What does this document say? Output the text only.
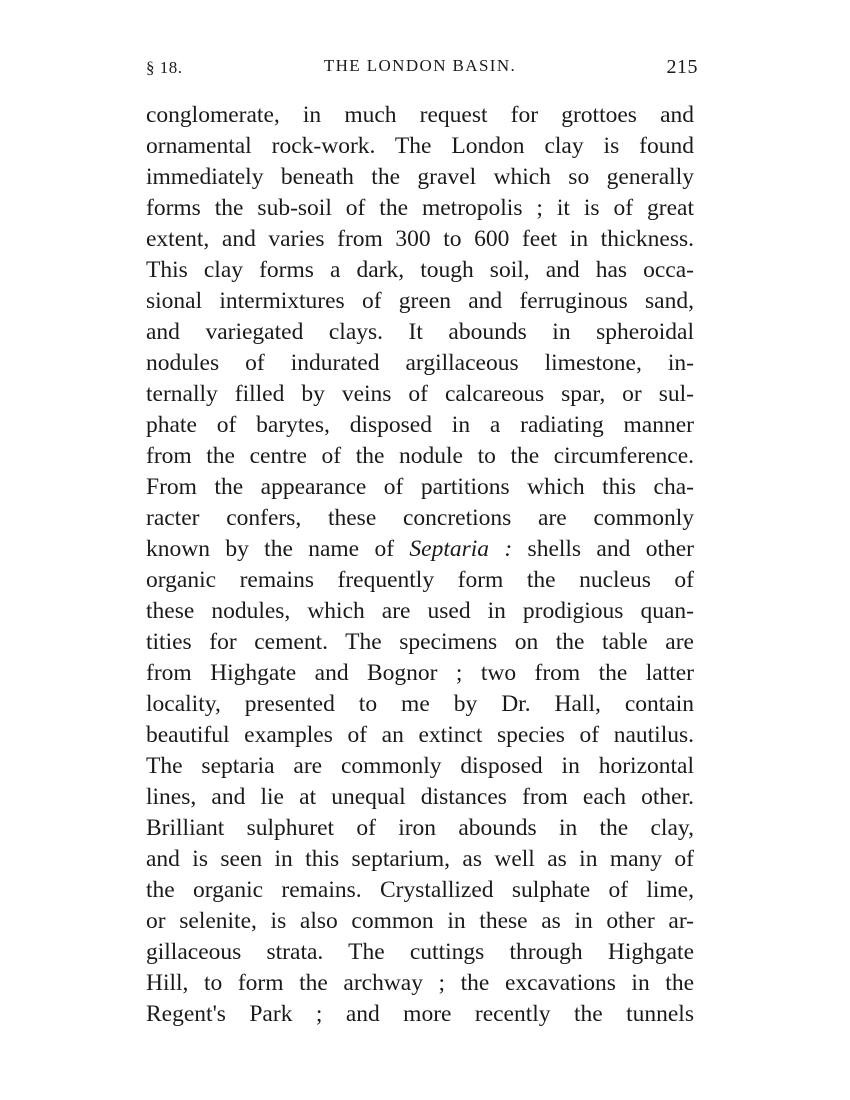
§ 18.	THE LONDON BASIN.	215
conglomerate, in much request for grottoes and
ornamental rock-work. The London clay is found
immediately beneath the gravel which so generally
forms the sub-soil of the metropolis ; it is of great
extent, and varies from 300 to 600 feet in thickness.
This clay forms a dark, tough soil, and has occa-
sional intermixtures of green and ferruginous sand,
and variegated clays. It abounds in spheroidal
nodules of indurated argillaceous limestone, in-
ternally filled by veins of calcareous spar, or sul-
phate of barytes, disposed in a radiating manner
from the centre of the nodule to the circumference.
From the appearance of partitions which this cha-
racter confers, these concretions are commonly
known by the name of Septaria : shells and other
organic remains frequently form the nucleus of
these nodules, which are used in prodigious quan-
tities for cement. The specimens on the table are
from Highgate and Bognor ; two from the latter
locality, presented to me by Dr. Hall, contain
beautiful examples of an extinct species of nautilus.
The septaria are commonly disposed in horizontal
lines, and lie at unequal distances from each other.
Brilliant sulphuret of iron abounds in the clay,
and is seen in this septarium, as well as in many of
the organic remains. Crystallized sulphate of lime,
or selenite, is also common in these as in other ar-
gillaceous strata. The cuttings through Highgate
Hill, to form the archway ; the excavations in the
Regent's Park ; and more recently the tunnels
